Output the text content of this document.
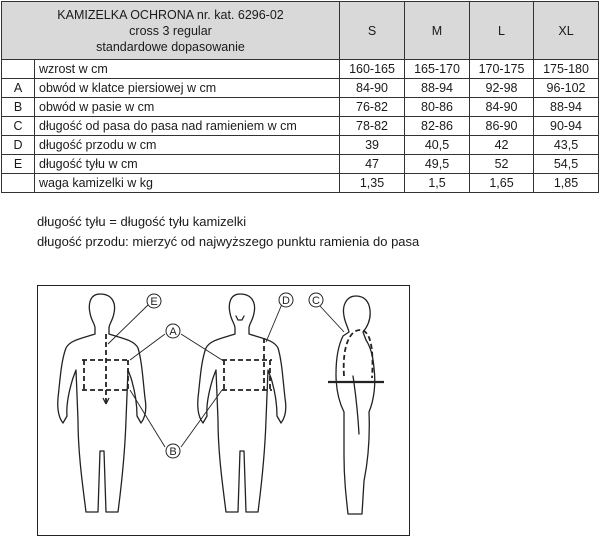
KAMIZELKA OCHRONA nr. kat. 6296-02
cross 3 regular
standardowe dopasowanie		S	M	L	XL
	wzrost w cm	160-165	165-170	170-175	175-180
A	obwód w klatce piersiowej w cm	84-90	88-94	92-98	96-102
B	obwód w pasie w cm	76-82	80-86	84-90	88-94
C	długość od pasa do pasa nad ramieniem w cm	78-82	82-86	86-90	90-94
D	długość przodu w cm	39	40,5	42	43,5
E	długość tyłu w cm	47	49,5	52	54,5
	waga kamizelki w kg	1,35	1,5	1,65	1,85
długość tyłu = długość tyłu kamizelki
długość przodu: mierzyć od najwyższego punktu ramienia do pasa
E
A
B
D C
